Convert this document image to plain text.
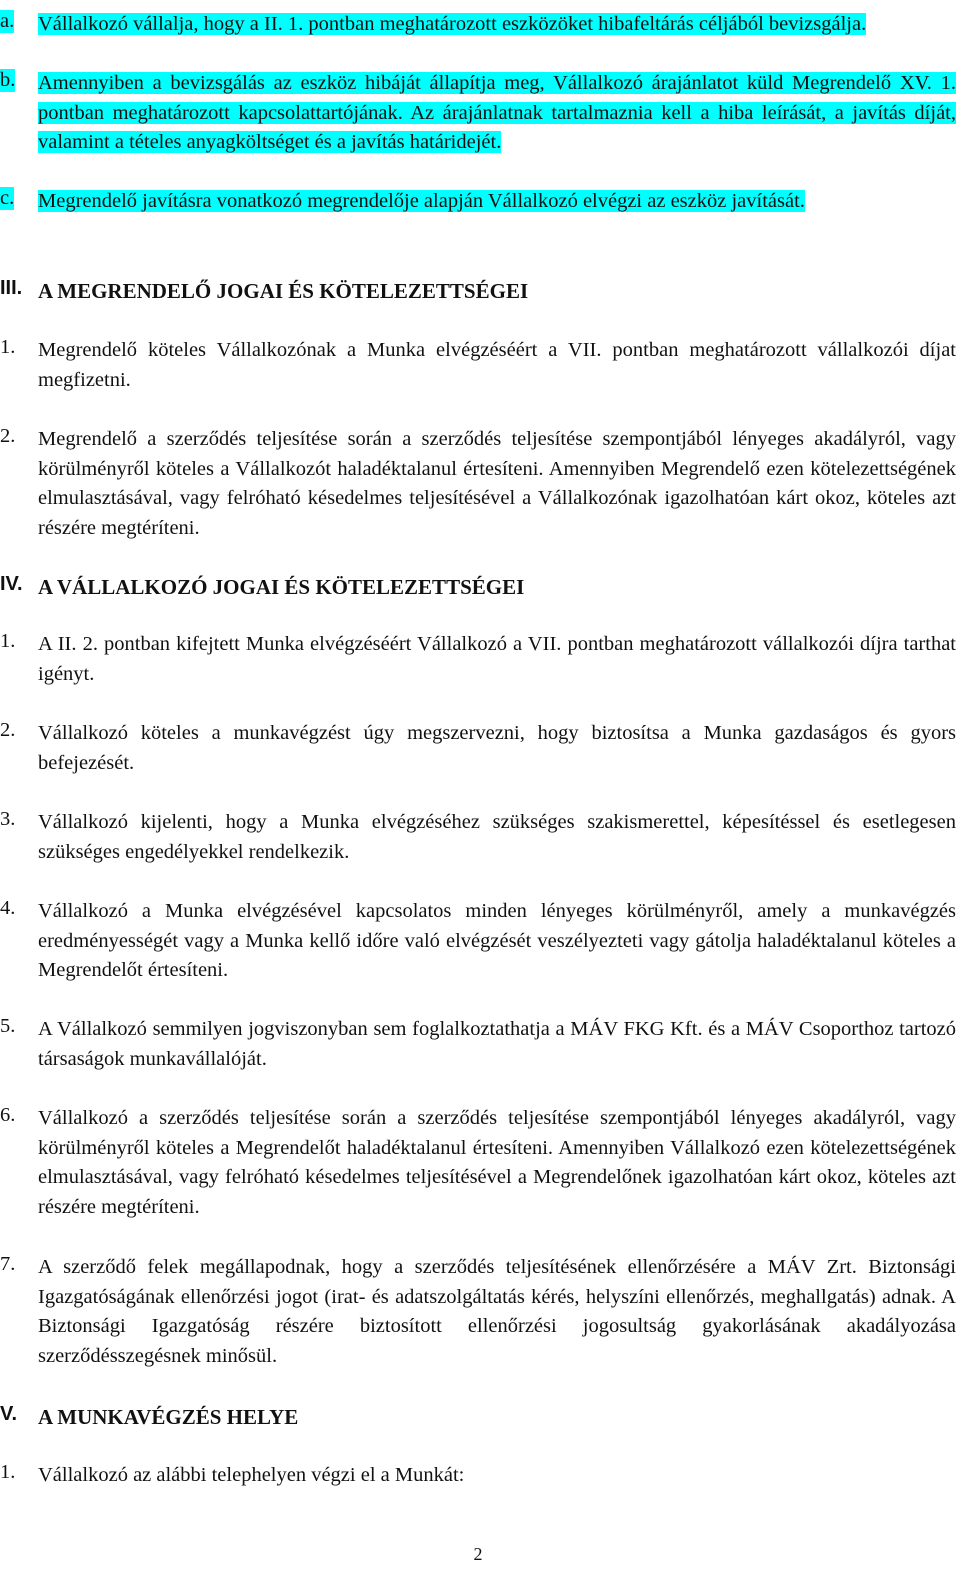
a. Vállalkozó vállalja, hogy a II. 1. pontban meghatározott eszközöket hibafeltárás céljából bevizsgálja.
b. Amennyiben a bevizsgálás az eszköz hibáját állapítja meg, Vállalkozó árajánlatot küld Megrendelő XV. 1. pontban meghatározott kapcsolattartójának. Az árajánlatnak tartalmaznia kell a hiba leírását, a javítás díját, valamint a tételes anyagköltséget és a javítás határidejét.
c. Megrendelő javításra vonatkozó megrendelője alapján Vállalkozó elvégzi az eszköz javítását.
III. A MEGRENDELŐ JOGAI ÉS KÖTELEZETTSÉGEI
1. Megrendelő köteles Vállalkozónak a Munka elvégzéséért a VII. pontban meghatározott vállalkozói díjat megfizetni.
2. Megrendelő a szerződés teljesítése során a szerződés teljesítése szempontjából lényeges akadályról, vagy körülményről köteles a Vállalkozót haladéktalanul értesíteni. Amennyiben Megrendelő ezen kötelezettségének elmulasztásával, vagy felróható késedelmes teljesítésével a Vállalkozónak igazolhatóan kárt okoz, köteles azt részére megtéríteni.
IV. A VÁLLALKOZÓ JOGAI ÉS KÖTELEZETTSÉGEI
1. A II. 2. pontban kifejtett Munka elvégzéséért Vállalkozó a VII. pontban meghatározott vállalkozói díjra tarthat igényt.
2. Vállalkozó köteles a munkavégzést úgy megszervezni, hogy biztosítsa a Munka gazdaságos és gyors befejezését.
3. Vállalkozó kijelenti, hogy a Munka elvégzéséhez szükséges szakismerettel, képesítéssel és esetlegesen szükséges engedélyekkel rendelkezik.
4. Vállalkozó a Munka elvégzésével kapcsolatos minden lényeges körülményről, amely a munkavégzés eredményességét vagy a Munka kellő időre való elvégzését veszélyezteti vagy gátolja haladéktalanul köteles a Megrendelőt értesíteni.
5. A Vállalkozó semmilyen jogviszonyban sem foglalkoztathatja a MÁV FKG Kft. és a MÁV Csoporthoz tartozó társaságok munkavállalóját.
6. Vállalkozó a szerződés teljesítése során a szerződés teljesítése szempontjából lényeges akadályról, vagy körülményről köteles a Megrendelőt haladéktalanul értesíteni. Amennyiben Vállalkozó ezen kötelezettségének elmulasztásával, vagy felróható késedelmes teljesítésével a Megrendelőnek igazolhatóan kárt okoz, köteles azt részére megtéríteni.
7. A szerződő felek megállapodnak, hogy a szerződés teljesítésének ellenőrzésére a MÁV Zrt. Biztonsági Igazgatóságának ellenőrzési jogot (irat- és adatszolgáltatás kérés, helyszíni ellenőrzés, meghallgatás) adnak. A Biztonsági Igazgatóság részére biztosított ellenőrzési jogosultság gyakorlásának akadályozása szerződésszegésnek minősül.
V. A MUNKAVÉGZÉS HELYE
1. Vállalkozó az alábbi telephelyen végzi el a Munkát:
2
